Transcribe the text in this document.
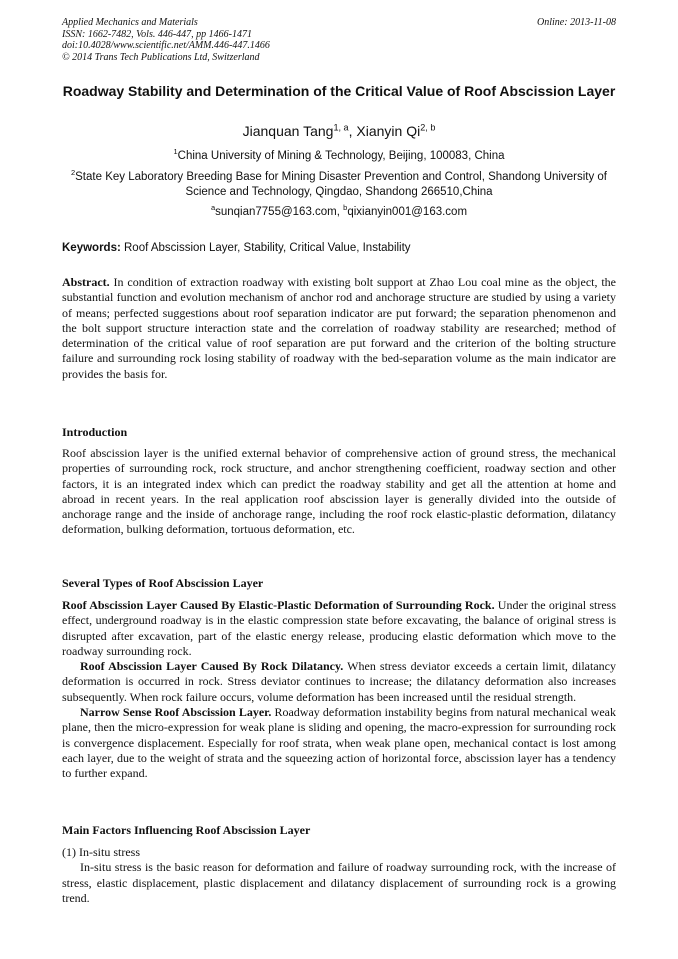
Applied Mechanics and Materials
ISSN: 1662-7482, Vols. 446-447, pp 1466-1471
doi:10.4028/www.scientific.net/AMM.446-447.1466
© 2014 Trans Tech Publications Ltd, Switzerland
Online: 2013-11-08
Roadway Stability and Determination of the Critical Value of Roof Abscission Layer
Jianquan Tang$^{1, a}$, Xianyin Qi$^{2, b}$
$^1$China University of Mining & Technology, Beijing, 100083, China
$^2$State Key Laboratory Breeding Base for Mining Disaster Prevention and Control, Shandong University of Science and Technology, Qingdao, Shandong 266510,China
$^a$sunqian7755@163.com, $^b$qixianyin001@163.com
Keywords: Roof Abscission Layer, Stability, Critical Value, Instability

Abstract. In condition of extraction roadway with existing bolt support at Zhao Lou coal mine as the object, the substantial function and evolution mechanism of anchor rod and anchorage structure are studied by using a variety of means; perfected suggestions about roof separation indicator are put forward; the separation phenomenon and the bolt support structure interaction state and the correlation of roadway stability are researched; method of determination of the critical value of roof separation are put forward and the criterion of the bolting structure failure and surrounding rock losing stability of roadway with the bed-separation volume as the main indicator are provides the basis for.

Introduction

Roof abscission layer is the unified external behavior of comprehensive action of ground stress, the mechanical properties of surrounding rock, rock structure, and anchor strengthening coefficient, roadway section and other factors, it is an integrated index which can predict the roadway stability and get all the attention at home and abroad in recent years. In the real application roof abscission layer is generally divided into the outside of anchorage range and the inside of anchorage range, including the roof rock elastic-plastic deformation, dilatancy deformation, bulking deformation, tortuous deformation, etc.

Several Types of Roof Abscission Layer

Roof Abscission Layer Caused By Elastic-Plastic Deformation of Surrounding Rock. Under the original stress effect, underground roadway is in the elastic compression state before excavating, the balance of original stress is disrupted after excavation, part of the elastic energy release, producing elastic deformation which move to the roadway surrounding rock.

Roof Abscission Layer Caused By Rock Dilatancy. When stress deviator exceeds a certain limit, dilatancy deformation is occurred in rock. Stress deviator continues to increase; the dilatancy deformation also increases subsequently. When rock failure occurs, volume deformation has been increased until the residual strength.

Narrow Sense Roof Abscission Layer. Roadway deformation instability begins from natural mechanical weak plane, then the micro-expression for weak plane is sliding and opening, the macro-expression for surrounding rock is convergence displacement. Especially for roof strata, when weak plane open, mechanical contact is lost among each layer, due to the weight of strata and the squeezing action of horizontal force, abscission layer has a tendency to further expand.

Main Factors Influencing Roof Abscission Layer

(1) In-situ stress

In-situ stress is the basic reason for deformation and failure of roadway surrounding rock, with the increase of stress, elastic displacement, plastic displacement and dilatancy displacement of surrounding rock is a growing trend.
